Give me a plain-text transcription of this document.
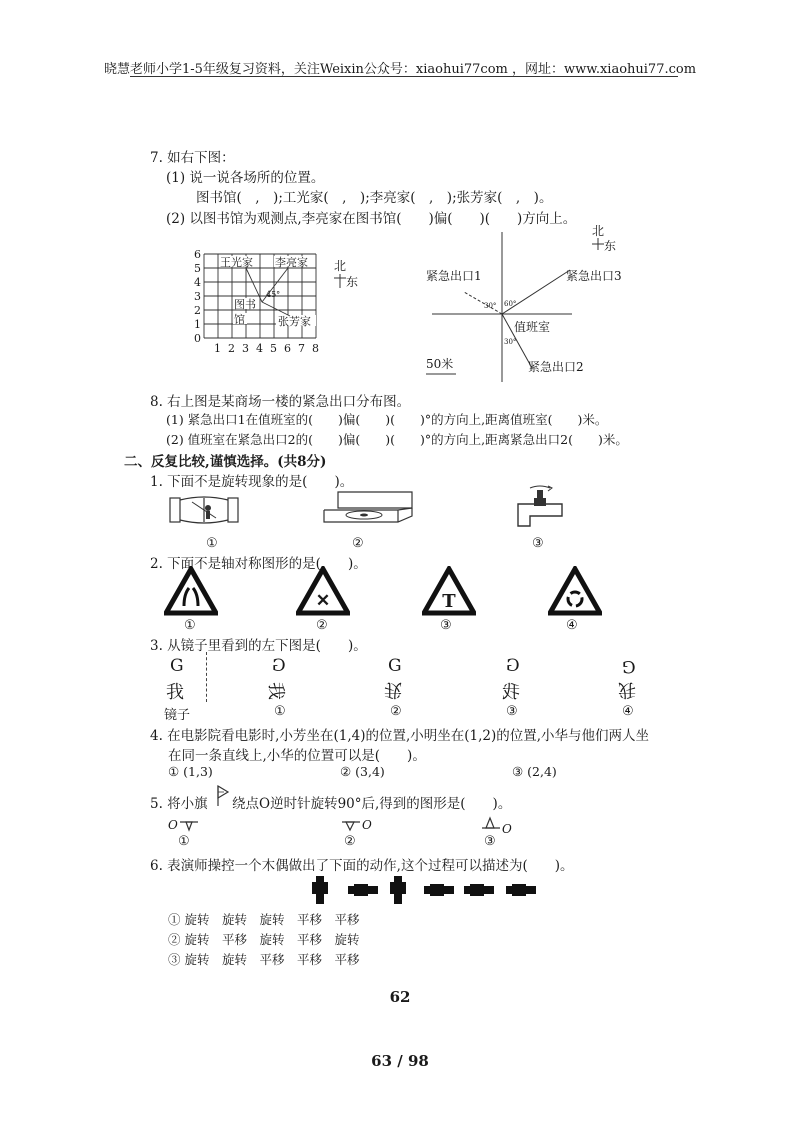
晓慧老师小学1-5年级复习资料，关注Weixin公众号：xiaohui77com ，网址：www.xiaohui77.com
7. 如右下图：
(1) 说一说各场所的位置。
图书馆(　,　);工光家(　,　);李亮家(　,　);张芳家(　,　)。
(2) 以图书馆为观测点,李亮家在图书馆(　　)偏(　　)(　　)方向上。
0
1
2
3
4
5
6
1 2 3 4 5 6 7 8
王光家 李亮家
图书
馆	张芳家
45°
北
东	紧急出口1	紧急出口3
紧急出口2
值班室
30° 60°
30°
50米
北
东
8. 右上图是某商场一楼的紧急出口分布图。
(1) 紧急出口1在值班室的(　　)偏(　　)(　　)°的方向上,距离值班室(　　)米。
(2) 值班室在紧急出口2的(　　)偏(　　)(　　)°的方向上,距离紧急出口2(　　)米。
二、反复比较,谨慎选择。(共8分)
1. 下面不是旋转现象的是(　　)。
①	②	③
2. 下面不是轴对称图形的是(　　)。
✕	T
①	②	③	④
3. 从镜子里看到的左下图是(　　)。
G
我
镜子
G
我
G
我
G
我
G
我
①	②	③	④
4. 在电影院看电影时,小芳坐在(1,4)的位置,小明坐在(1,2)的位置,小华与他们两人坐
在同一条直线上,小华的位置可以是(　　)。
① (1,3)	② (3,4)	③ (2,4)
5. 将小旗 绕点O逆时针旋转90°后,得到的图形是(　　)。
O	O	O
①	②	③
6. 表演师操控一个木偶做出了下面的动作,这个过程可以描述为(　　)。
① 旋转　旋转　旋转　平移　平移
② 旋转　平移　旋转　平移　旋转
③ 旋转　旋转　平移　平移　平移
62
63 / 98
